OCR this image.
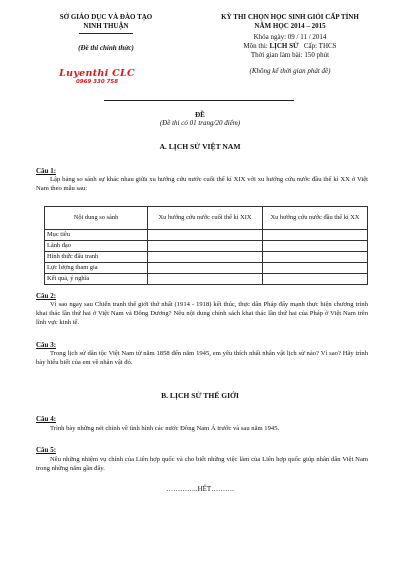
SỞ GIÁO DỤC VÀ ĐÀO TẠO
NINH THUẬN
(Đề thi chính thức)
Luyenthi CLC
0969 330 758
KỲ THI CHỌN HỌC SINH GIỎI CẤP TỈNH
NĂM HỌC 2014 – 2015
Khóa ngày: 09 / 11 / 2014
Môn thi: LỊCH SỬ   Cấp: THCS
Thời gian làm bài: 150 phút
(Không kể thời gian phát đề)
ĐỀ
(Đề thi có 01 trang/20 điểm)
A. LỊCH SỬ VIỆT NAM
Câu 1:
Lập bảng so sánh sự khác nhau giữa xu hướng cứu nước cuối thế kỉ XIX với xu hướng cứu nước đầu thế kỉ XX ở Việt Nam theo mẫu sau:
Nội dung so sánh	Xu hướng cứu nước cuối thế kỉ XIX	Xu hướng cứu nước đầu thế kỉ XX
Mục tiêu		
Lãnh đạo		
Hình thức đấu tranh		
Lực lượng tham gia		
Kết quả, ý nghĩa		
Câu 2:
Vì sao ngay sau Chiến tranh thế giới thứ nhất (1914 - 1918) kết thúc, thực dân Pháp đẩy mạnh thực hiện chương trình khai thác lần thứ hai ở Việt Nam và Đông Dương? Nêu nội dung chính sách khai thác lần thứ hai của Pháp ở Việt Nam trên lĩnh vực kinh tế.
Câu 3:
Trong lịch sử dân tộc Việt Nam từ năm 1858 đến năm 1945, em yêu thích nhất nhân vật lịch sử nào? Vì sao? Hãy trình bày hiểu biết của em về nhân vật đó.
B. LỊCH SỬ THẾ GIỚI
Câu 4:
Trình bày những nét chính về tình hình các nước Đông Nam Á trước và sau năm 1945.
Câu 5:
Nêu những nhiệm vụ chính của Liên hợp quốc và cho biết những việc làm của Liên hợp quốc giúp nhân dân Việt Nam trong những năm gần đây.
…………..HẾT……….
